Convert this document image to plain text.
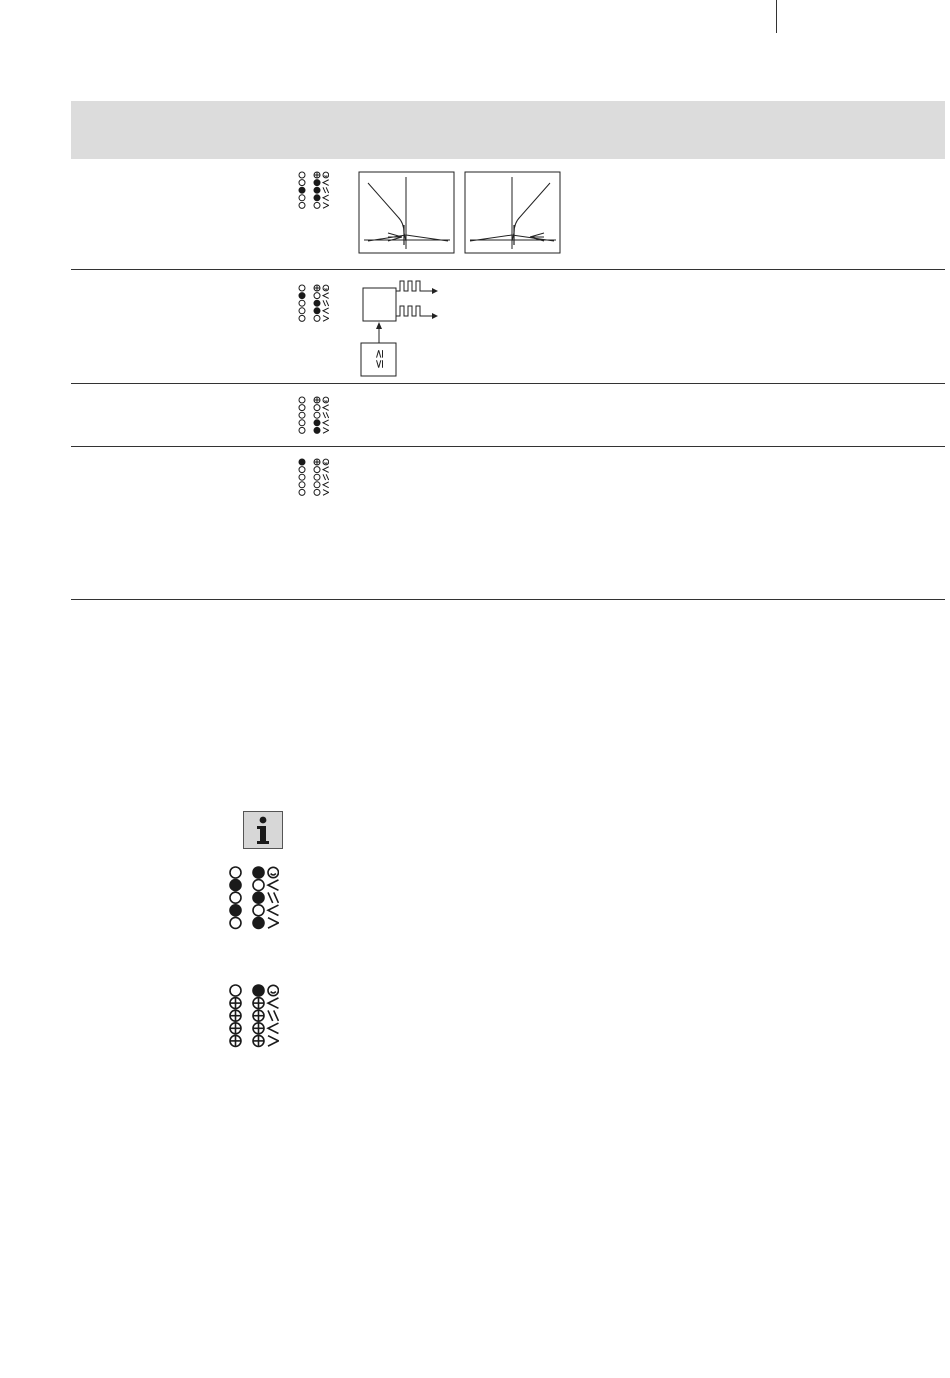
≤≥
